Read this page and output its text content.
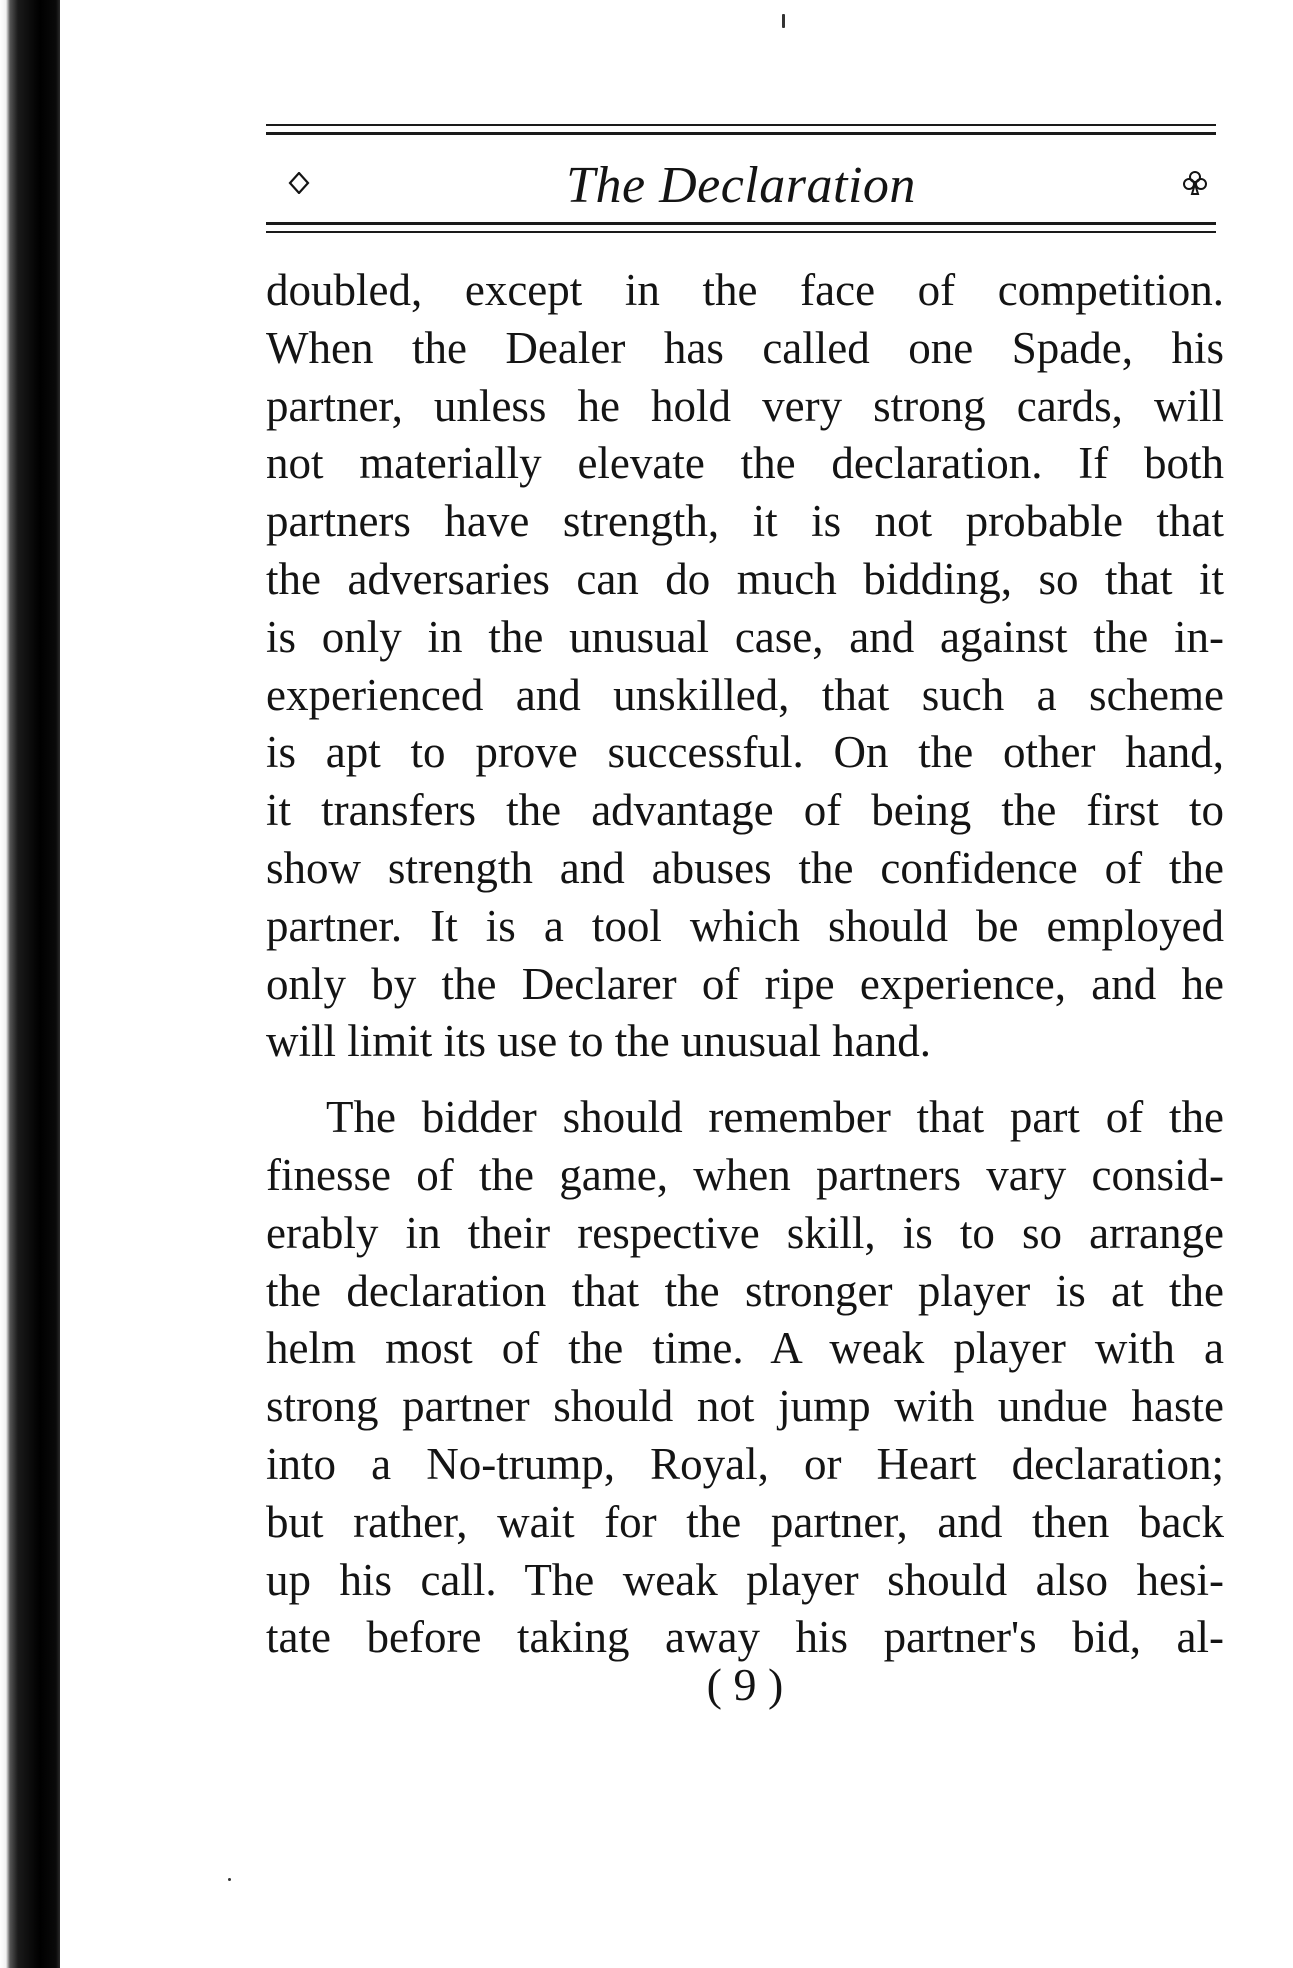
The Declaration
doubled, except in the face of competition.
When the Dealer has called one Spade, his
partner, unless he hold very strong cards, will
not materially elevate the declaration. If both
partners have strength, it is not probable that
the adversaries can do much bidding, so that it
is only in the unusual case, and against the in-
experienced and unskilled, that such a scheme
is apt to prove successful. On the other hand,
it transfers the advantage of being the first to
show strength and abuses the confidence of the
partner. It is a tool which should be employed
only by the Declarer of ripe experience, and he
will limit its use to the unusual hand.
The bidder should remember that part of the
finesse of the game, when partners vary consid-
erably in their respective skill, is to so arrange
the declaration that the stronger player is at the
helm most of the time. A weak player with a
strong partner should not jump with undue haste
into a No-trump, Royal, or Heart declaration;
but rather, wait for the partner, and then back
up his call. The weak player should also hesi-
tate before taking away his partner's bid, al-
( 9 )
